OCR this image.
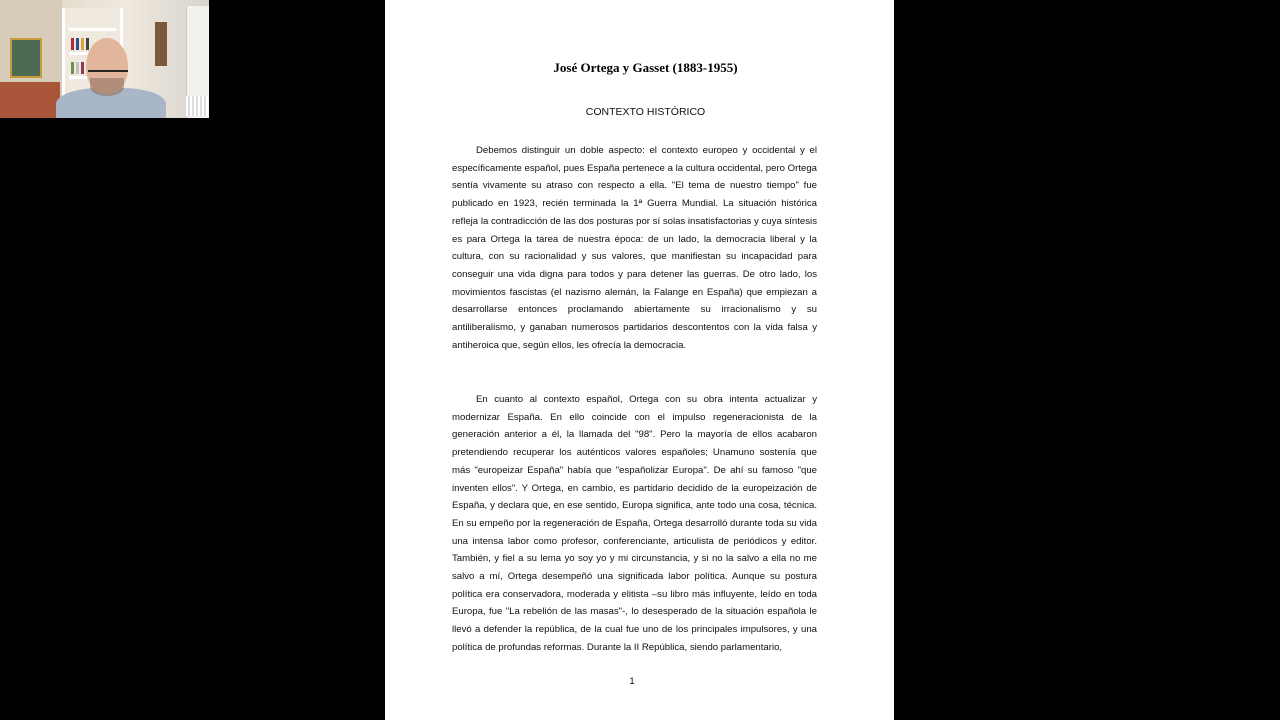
José Ortega y Gasset (1883-1955)
CONTEXTO HISTÓRICO

Debemos distinguir un doble aspecto: el contexto europeo y occidental y el específicamente español, pues España pertenece a la cultura occidental, pero Ortega sentía vivamente su atraso con respecto a ella. "El tema de nuestro tiempo" fue publicado en 1923, recién terminada la 1ª Guerra Mundial. La situación histórica refleja la contradicción de las dos posturas por sí solas insatisfactorias y cuya síntesis es para Ortega la tarea de nuestra época: de un lado, la democracia liberal y la cultura, con su racionalidad y sus valores, que manifiestan su incapacidad para conseguir una vida digna para todos y para detener las guerras. De otro lado, los movimientos fascistas (el nazismo alemán, la Falange en España) que empiezan a desarrollarse entonces proclamando abiertamente su irracionalismo y su antiliberalismo, y ganaban numerosos partidarios descontentos con la vida falsa y antiheroica que, según ellos, les ofrecía la democracia.

En cuanto al contexto español, Ortega con su obra intenta actualizar y modernizar España. En ello coincide con el impulso regeneracionista de la generación anterior a él, la llamada del "98". Pero la mayoría de ellos acabaron pretendiendo recuperar los auténticos valores españoles; Unamuno sostenía que más "europeizar España" había que "españolizar Europa". De ahí su famoso "que inventen ellos". Y Ortega, en cambio, es partidario decidido de la europeización de España, y declara que, en ese sentido, Europa significa, ante todo una cosa, técnica. En su empeño por la regeneración de España, Ortega desarrolló durante toda su vida una intensa labor como profesor, conferenciante, articulista de periódicos y editor. También, y fiel a su lema yo soy yo y mi circunstancia, y si no la salvo a ella no me salvo a mí, Ortega desempeñó una significada labor política. Aunque su postura política era conservadora, moderada y elitista –su libro más influyente, leído en toda Europa, fue "La rebelión de las masas"-, lo desesperado de la situación española le llevó a defender la república, de la cual fue uno de los principales impulsores, y una política de profundas reformas. Durante la II República, siendo parlamentario,

1
